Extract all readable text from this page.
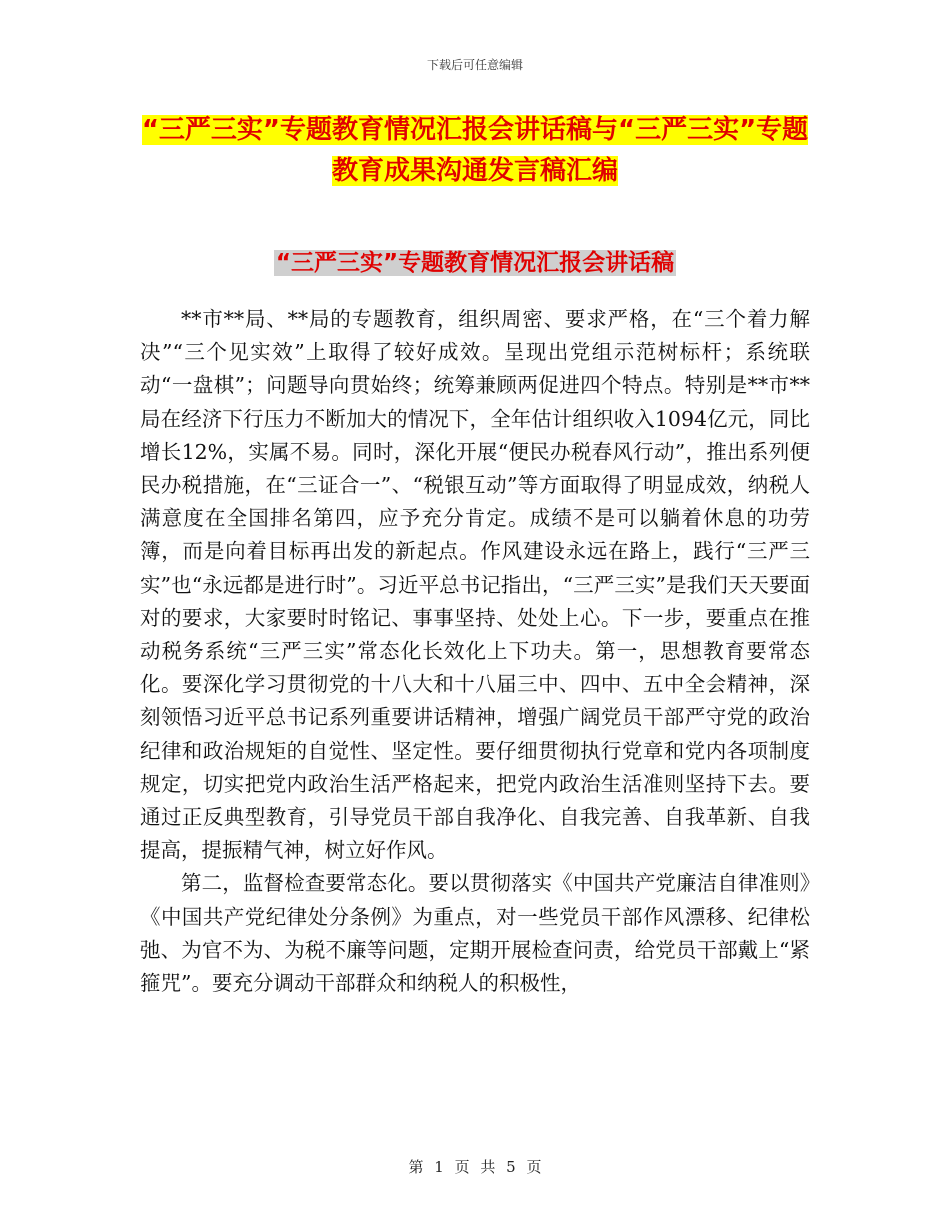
下载后可任意编辑
“三严三实”专题教育情况汇报会讲话稿与“三严三实”专题教育成果沟通发言稿汇编
“三严三实”专题教育情况汇报会讲话稿

**市**局、**局的专题教育，组织周密、要求严格，在“三个着力解决”“三个见实效”上取得了较好成效。呈现出党组示范树标杆；系统联动“一盘棋”；问题导向贯始终；统筹兼顾两促进四个特点。特别是**市**局在经济下行压力不断加大的情况下，全年估计组织收入1094亿元，同比增长12%，实属不易。同时，深化开展“便民办税春风行动”，推出系列便民办税措施，在“三证合一”、“税银互动”等方面取得了明显成效，纳税人满意度在全国排名第四，应予充分肯定。成绩不是可以躺着休息的功劳簿，而是向着目标再出发的新起点。作风建设永远在路上，践行“三严三实”也“永远都是进行时”。习近平总书记指出，“三严三实”是我们天天要面对的要求，大家要时时铭记、事事坚持、处处上心。下一步，要重点在推动税务系统“三严三实”常态化长效化上下功夫。第一，思想教育要常态化。要深化学习贯彻党的十八大和十八届三中、四中、五中全会精神，深刻领悟习近平总书记系列重要讲话精神，增强广阔党员干部严守党的政治纪律和政治规矩的自觉性、坚定性。要仔细贯彻执行党章和党内各项制度规定，切实把党内政治生活严格起来，把党内政治生活准则坚持下去。要通过正反典型教育，引导党员干部自我净化、自我完善、自我革新、自我提高，提振精气神，树立好作风。

第二，监督检查要常态化。要以贯彻落实《中国共产党廉洁自律准则》《中国共产党纪律处分条例》为重点，对一些党员干部作风漂移、纪律松弛、为官不为、为税不廉等问题，定期开展检查问责，给党员干部戴上“紧箍咒”。要充分调动干部群众和纳税人的积极性，

第 1 页 共 5 页
